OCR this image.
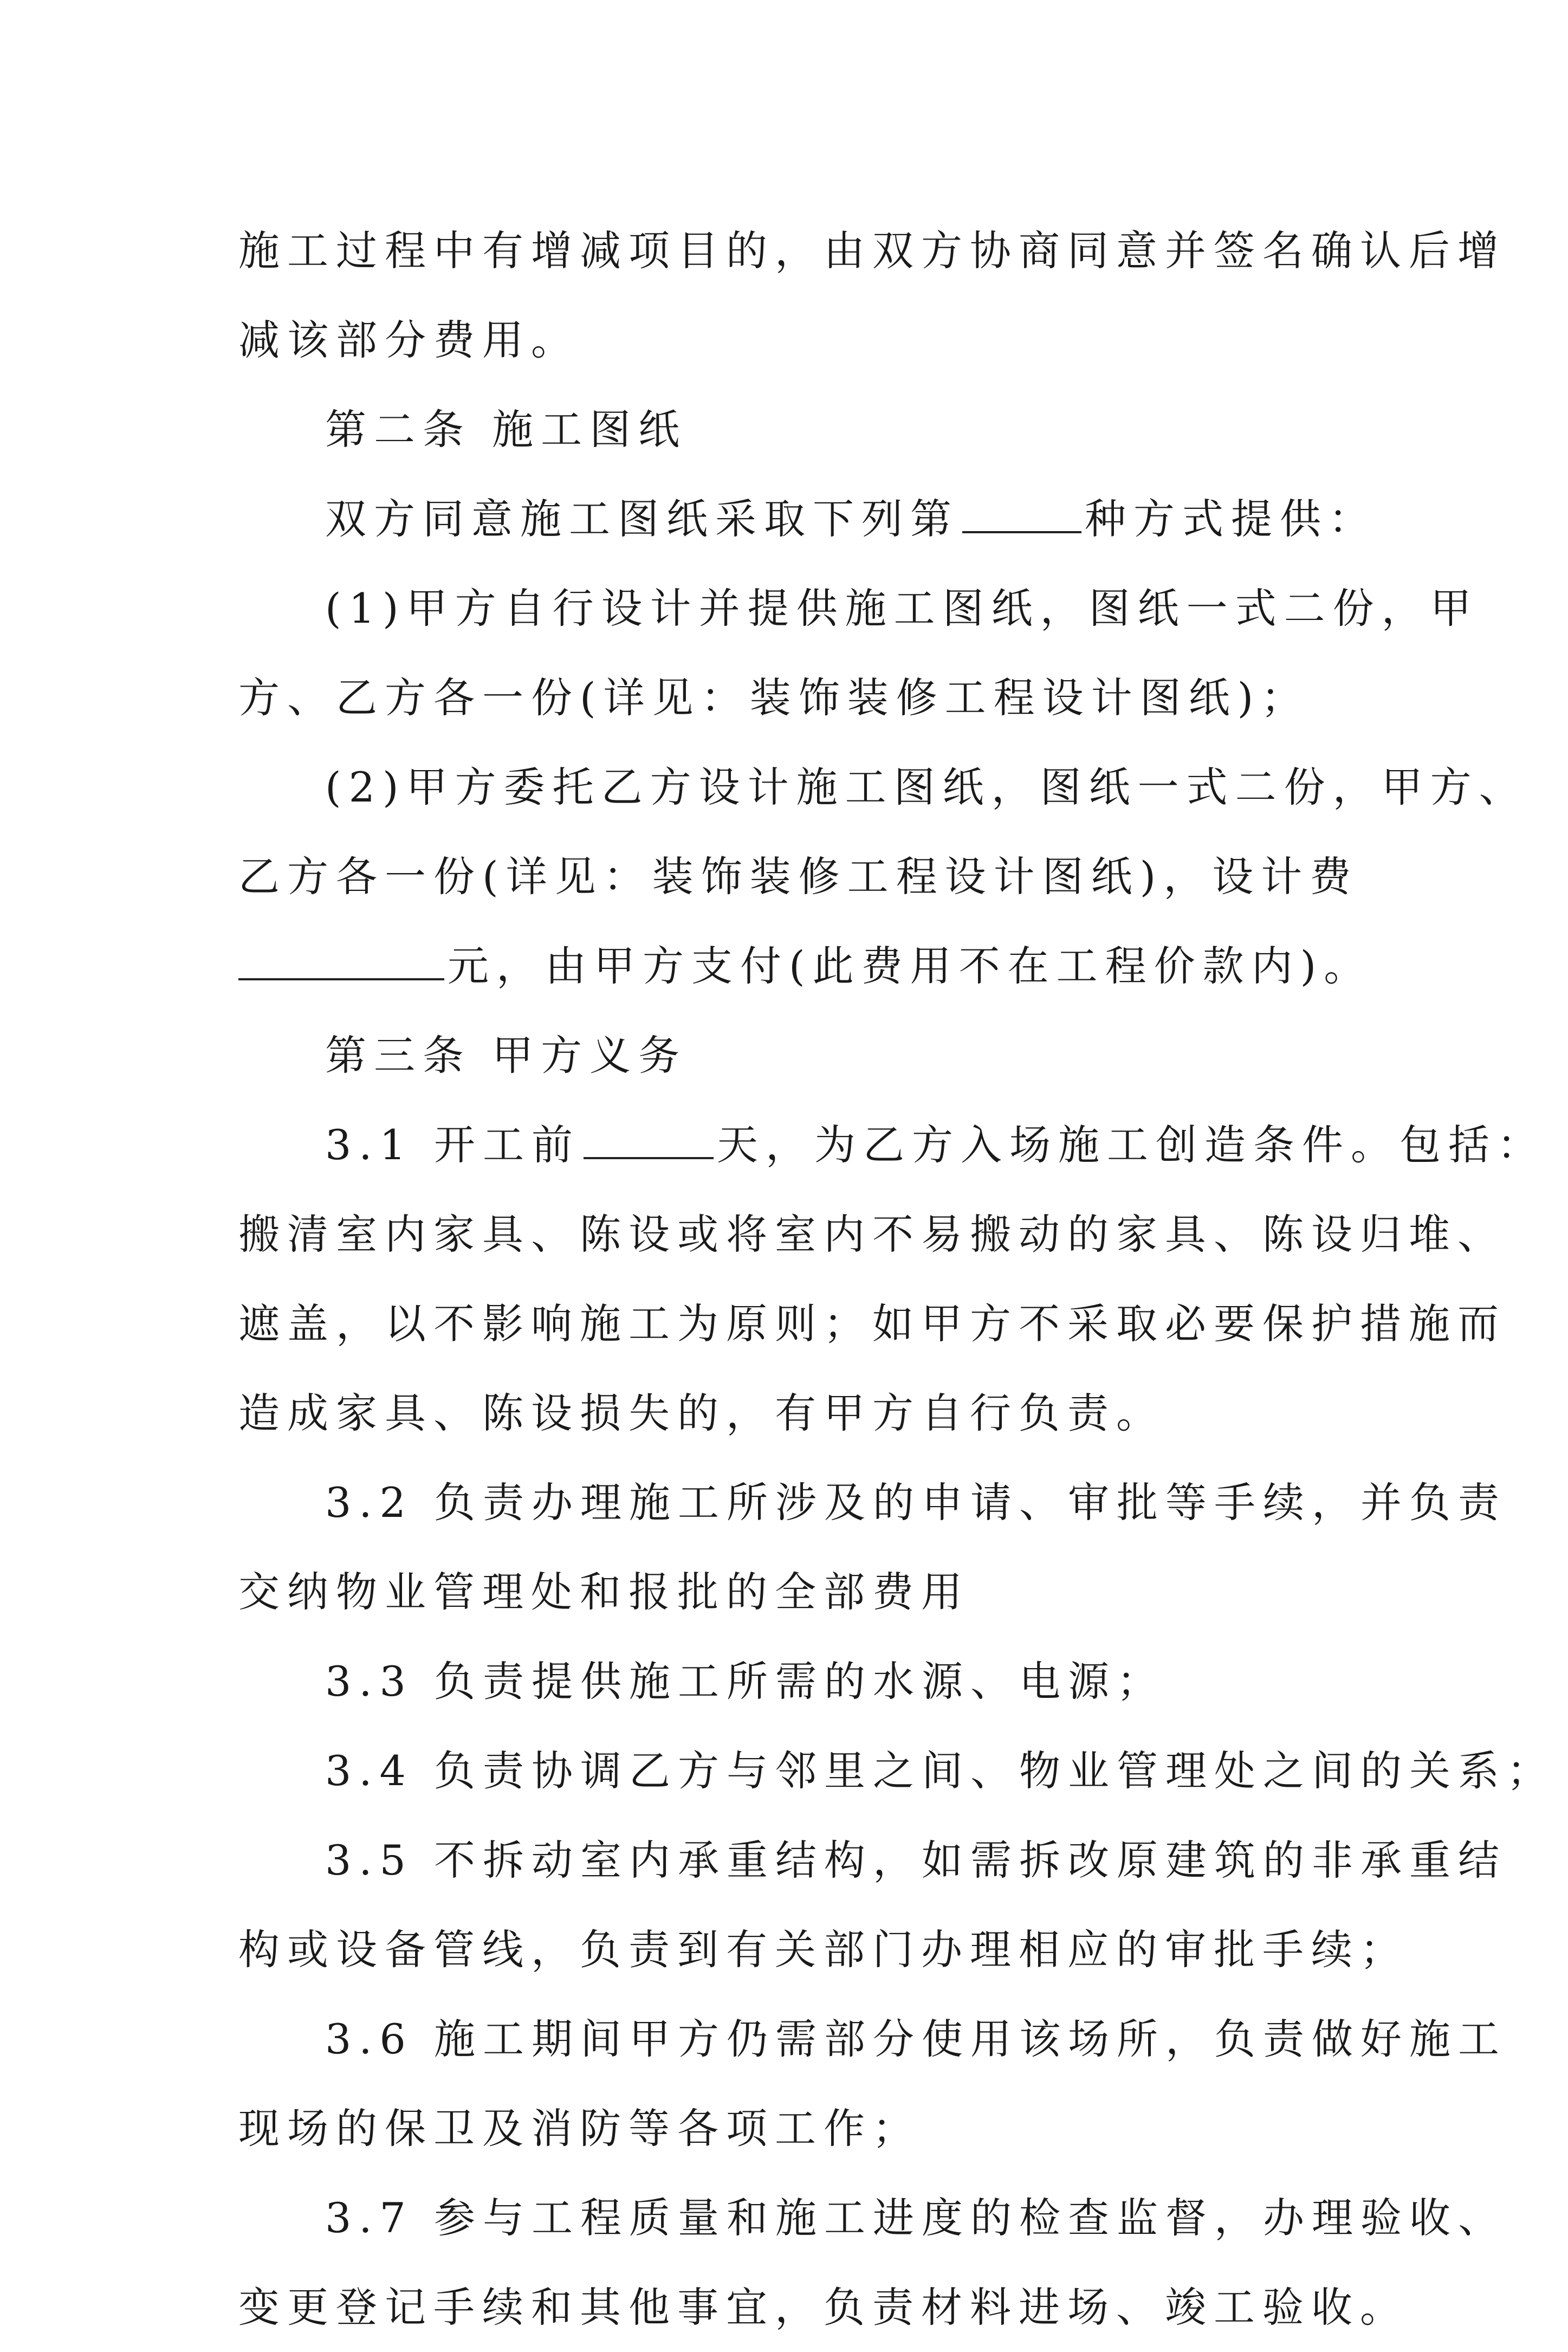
施工过程中有增减项目的，由双方协商同意并签名确认后增
减该部分费用。
第二条 施工图纸
双方同意施工图纸采取下列第	种方式提供：
(1)甲方自行设计并提供施工图纸，图纸一式二份，甲
方、乙方各一份(详见：装饰装修工程设计图纸)；
(2)甲方委托乙方设计施工图纸，图纸一式二份，甲方、
乙方各一份(详见：装饰装修工程设计图纸)，设计费
元，由甲方支付(此费用不在工程价款内)。
第三条 甲方义务
3.1 开工前	天，为乙方入场施工创造条件。包括：
搬清室内家具、陈设或将室内不易搬动的家具、陈设归堆、
遮盖，以不影响施工为原则；如甲方不采取必要保护措施而
造成家具、陈设损失的，有甲方自行负责。
3.2 负责办理施工所涉及的申请、审批等手续，并负责
交纳物业管理处和报批的全部费用
3.3 负责提供施工所需的水源、电源；
3.4 负责协调乙方与邻里之间、物业管理处之间的关系；
3.5 不拆动室内承重结构，如需拆改原建筑的非承重结
构或设备管线，负责到有关部门办理相应的审批手续；
3.6 施工期间甲方仍需部分使用该场所，负责做好施工
现场的保卫及消防等各项工作；
3.7 参与工程质量和施工进度的检查监督，办理验收、
变更登记手续和其他事宜，负责材料进场、竣工验收。
